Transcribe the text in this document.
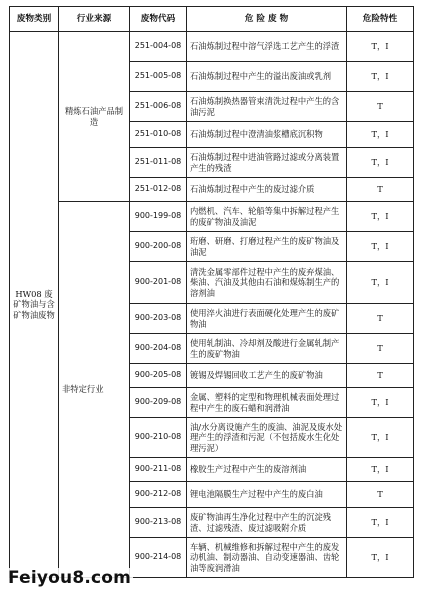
废物类别	行业来源	废物代码	危 险 废 物	危险特性
HW08 废矿物油与含矿物油废物	精炼石油产品制造	251-004-08	石油炼制过程中溶气浮选工艺产生的浮渣	T，I
		251-005-08	石油炼制过程中产生的溢出废油或乳剂	T，I
		251-006-08	石油炼制换热器管束清洗过程中产生的含油污泥	T
		251-010-08	石油炼制过程中澄清油浆槽底沉积物	T，I
		251-011-08	石油炼制过程中进油管路过滤或分离装置产生的残渣	T，I
		251-012-08	石油炼制过程中产生的废过滤介质	T
	非特定行业	900-199-08	内燃机、汽车、轮船等集中拆解过程产生的废矿物油及油泥	T，I
		900-200-08	珩磨、研磨、打磨过程产生的废矿物油及油泥	T，I
		900-201-08	清洗金属零部件过程中产生的废弃煤油、柴油、汽油及其他由石油和煤炼制生产的溶剂油	T，I
		900-203-08	使用淬火油进行表面硬化处理产生的废矿物油	T
		900-204-08	使用轧制油、冷却剂及酸进行金属轧制产生的废矿物油	T
		900-205-08	镀锡及焊锡回收工艺产生的废矿物油	T
		900-209-08	金属、塑料的定型和物理机械表面处理过程中产生的废石蜡和润滑油	T，I
		900-210-08	油/水分离设施产生的废油、油泥及废水处理产生的浮渣和污泥（不包括废水生化处理污泥）	T，I
		900-211-08	橡胶生产过程中产生的废溶剂油	T，I
		900-212-08	锂电池隔膜生产过程中产生的废白油	T
		900-213-08	废矿物油再生净化过程中产生的沉淀残渣、过滤残渣、废过滤吸附介质	T，I
		900-214-08	车辆、机械维修和拆解过程中产生的废发动机油、制动器油、自动变速器油、齿轮油等废润滑油	T，I
Feiyou8.com
